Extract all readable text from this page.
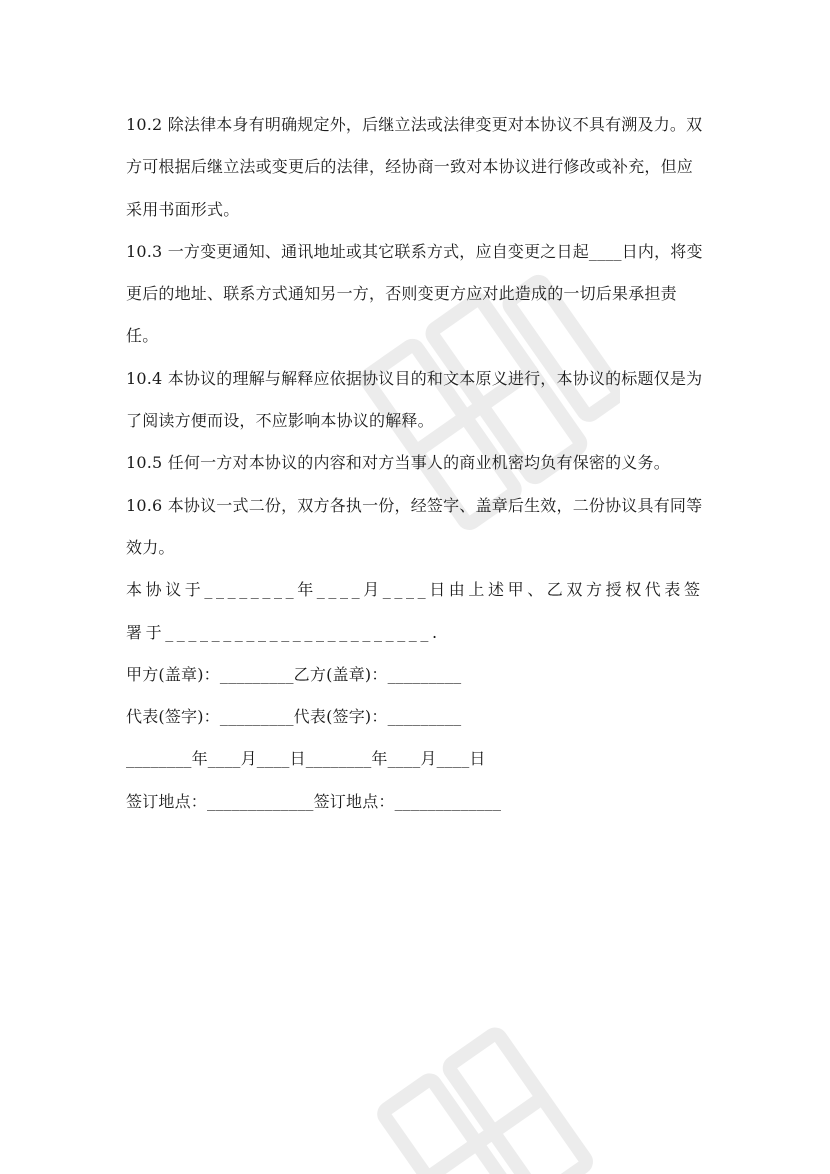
10.2 除法律本身有明确规定外，后继立法或法律变更对本协议不具有溯及力。双方可根据后继立法或变更后的法律，经协商一致对本协议进行修改或补充，但应采用书面形式。

10.3 一方变更通知、通讯地址或其它联系方式，应自变更之日起____日内，将变更后的地址、联系方式通知另一方，否则变更方应对此造成的一切后果承担责任。

10.4 本协议的理解与解释应依据协议目的和文本原义进行，本协议的标题仅是为了阅读方便而设，不应影响本协议的解释。

10.5 任何一方对本协议的内容和对方当事人的商业机密均负有保密的义务。

10.6 本协议一式二份，双方各执一份，经签字、盖章后生效，二份协议具有同等效力。

本协议于________年____月____日由上述甲、乙双方授权代表签署于_______________________.

甲方(盖章)：_________乙方(盖章)：_________

代表(签字)：_________代表(签字)：_________

________年____月____日________年____月____日

签订地点：_____________签订地点：_____________
